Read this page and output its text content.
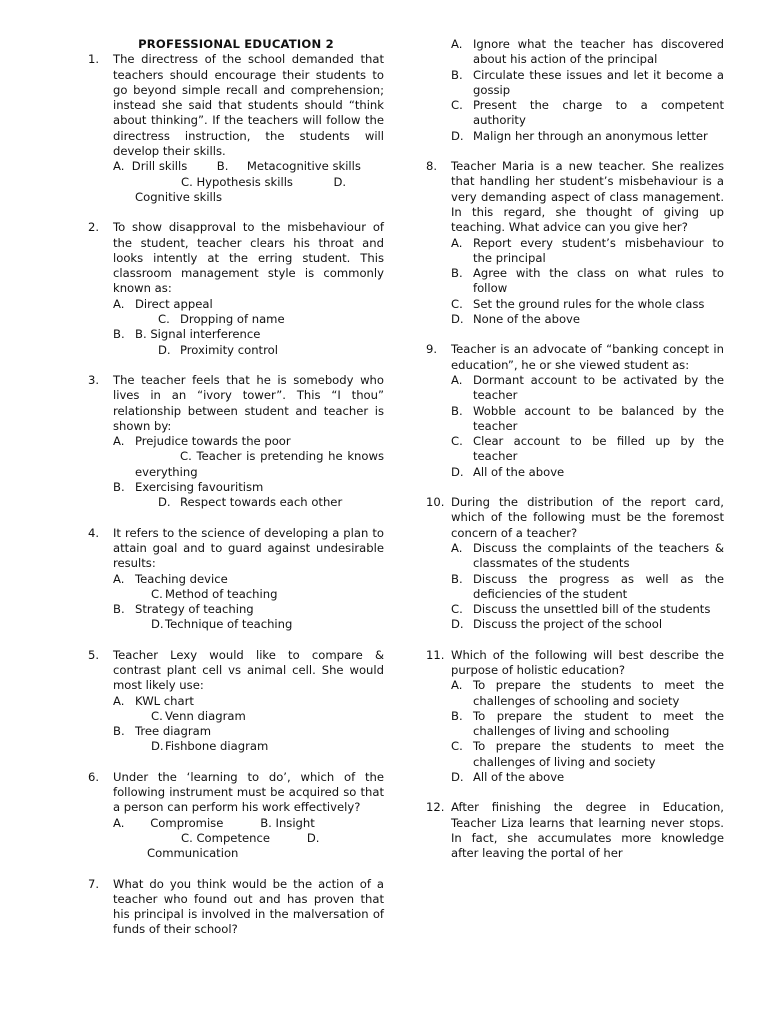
PROFESSIONAL EDUCATION 2
1. The directress of the school demanded that teachers should encourage their students to go beyond simple recall and comprehension; instead she said that students should “think about thinking”. If the teachers will follow the directress instruction, the students will develop their skills.
A.  Drill skills        B.     Metacognitive skills
C. Hypothesis skills           D.
Cognitive skills
2. To show disapproval to the misbehaviour of the student, teacher clears his throat and looks intently at the erring student. This classroom management style is commonly known as:
A. Direct appeal
C. Dropping of name
B. B. Signal interference
D. Proximity control
3. The teacher feels that he is somebody who lives in an “ivory tower”. This “I thou” relationship between student and teacher is shown by:
A. Prejudice towards the poor
C. Teacher is pretending he knows everything
B. Exercising favouritism
D. Respect towards each other
4. It refers to the science of developing a plan to attain goal and to guard against undesirable results:
A. Teaching device
C. Method of teaching
B. Strategy of teaching
D. Technique of teaching
5. Teacher Lexy would like to compare & contrast plant cell vs animal cell. She would most likely use:
A. KWL chart
C. Venn diagram
B. Tree diagram
D. Fishbone diagram
6. Under the ‘learning to do’, which of the following instrument must be acquired so that a person can perform his work effectively?
A.       Compromise          B. Insight
C. Competence          D.
Communication
7. What do you think would be the action of a teacher who found out and has proven that his principal is involved in the malversation of funds of their school?
A. Ignore what the teacher has discovered about his action of the principal
B. Circulate these issues and let it become a gossip
C. Present the charge to a competent authority
D. Malign her through an anonymous letter
8. Teacher Maria is a new teacher. She realizes that handling her student’s misbehaviour is a very demanding aspect of class management. In this regard, she thought of giving up teaching. What advice can you give her?
A. Report every student’s misbehaviour to the principal
B. Agree with the class on what rules to follow
C. Set the ground rules for the whole class
D. None of the above
9. Teacher is an advocate of “banking concept in education”, he or she viewed student as:
A. Dormant account to be activated by the teacher
B. Wobble account to be balanced by the teacher
C. Clear account to be filled up by the teacher
D. All of the above
10. During the distribution of the report card, which of the following must be the foremost concern of a teacher?
A. Discuss the complaints of the teachers & classmates of the students
B. Discuss the progress as well as the deficiencies of the student
C. Discuss the unsettled bill of the students
D. Discuss the project of the school
11. Which of the following will best describe the purpose of holistic education?
A. To prepare the students to meet the challenges of schooling and society
B. To prepare the student to meet the challenges of living and schooling
C. To prepare the students to meet the challenges of living and society
D. All of the above
12. After finishing the degree in Education, Teacher Liza learns that learning never stops. In fact, she accumulates more knowledge after leaving the portal of her
